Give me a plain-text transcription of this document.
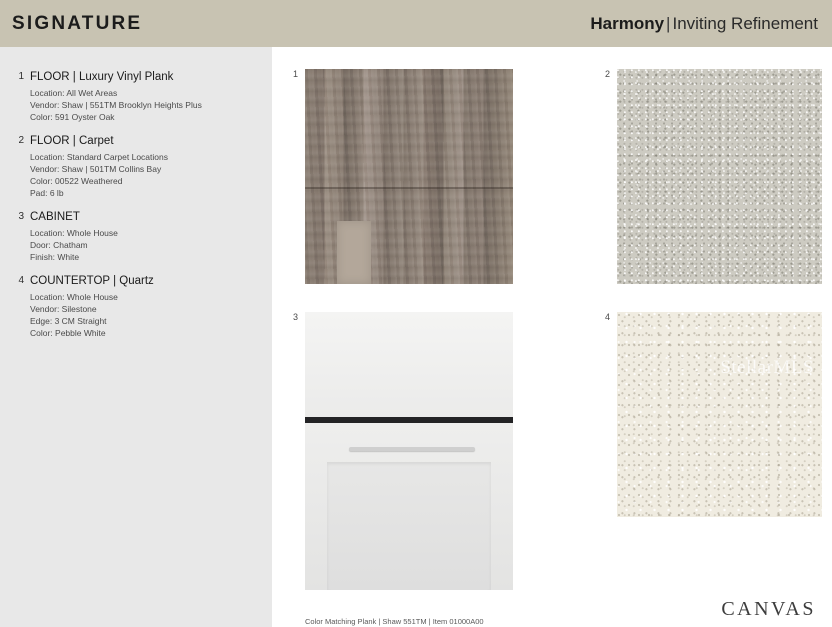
SIGNATURE	Harmony | Inviting Refinement
1 FLOOR | Luxury Vinyl Plank
Location: All Wet Areas
Vendor: Shaw | 551TM Brooklyn Heights Plus
Color: 591 Oyster Oak
2 FLOOR | Carpet
Location: Standard Carpet Locations
Vendor: Shaw | 501TM Collins Bay
Color: 00522 Weathered
Pad: 6 lb
3 CABINET
Location: Whole House
Door: Chatham
Finish: White
4 COUNTERTOP | Quartz
Location: Whole House
Vendor: Silestone
Edge: 3 CM Straight
Color: Pebble White
1	2
3	4
StellarMLS
Color Matching Plank | Shaw 551TM | Item 01000A00
CANVAS
